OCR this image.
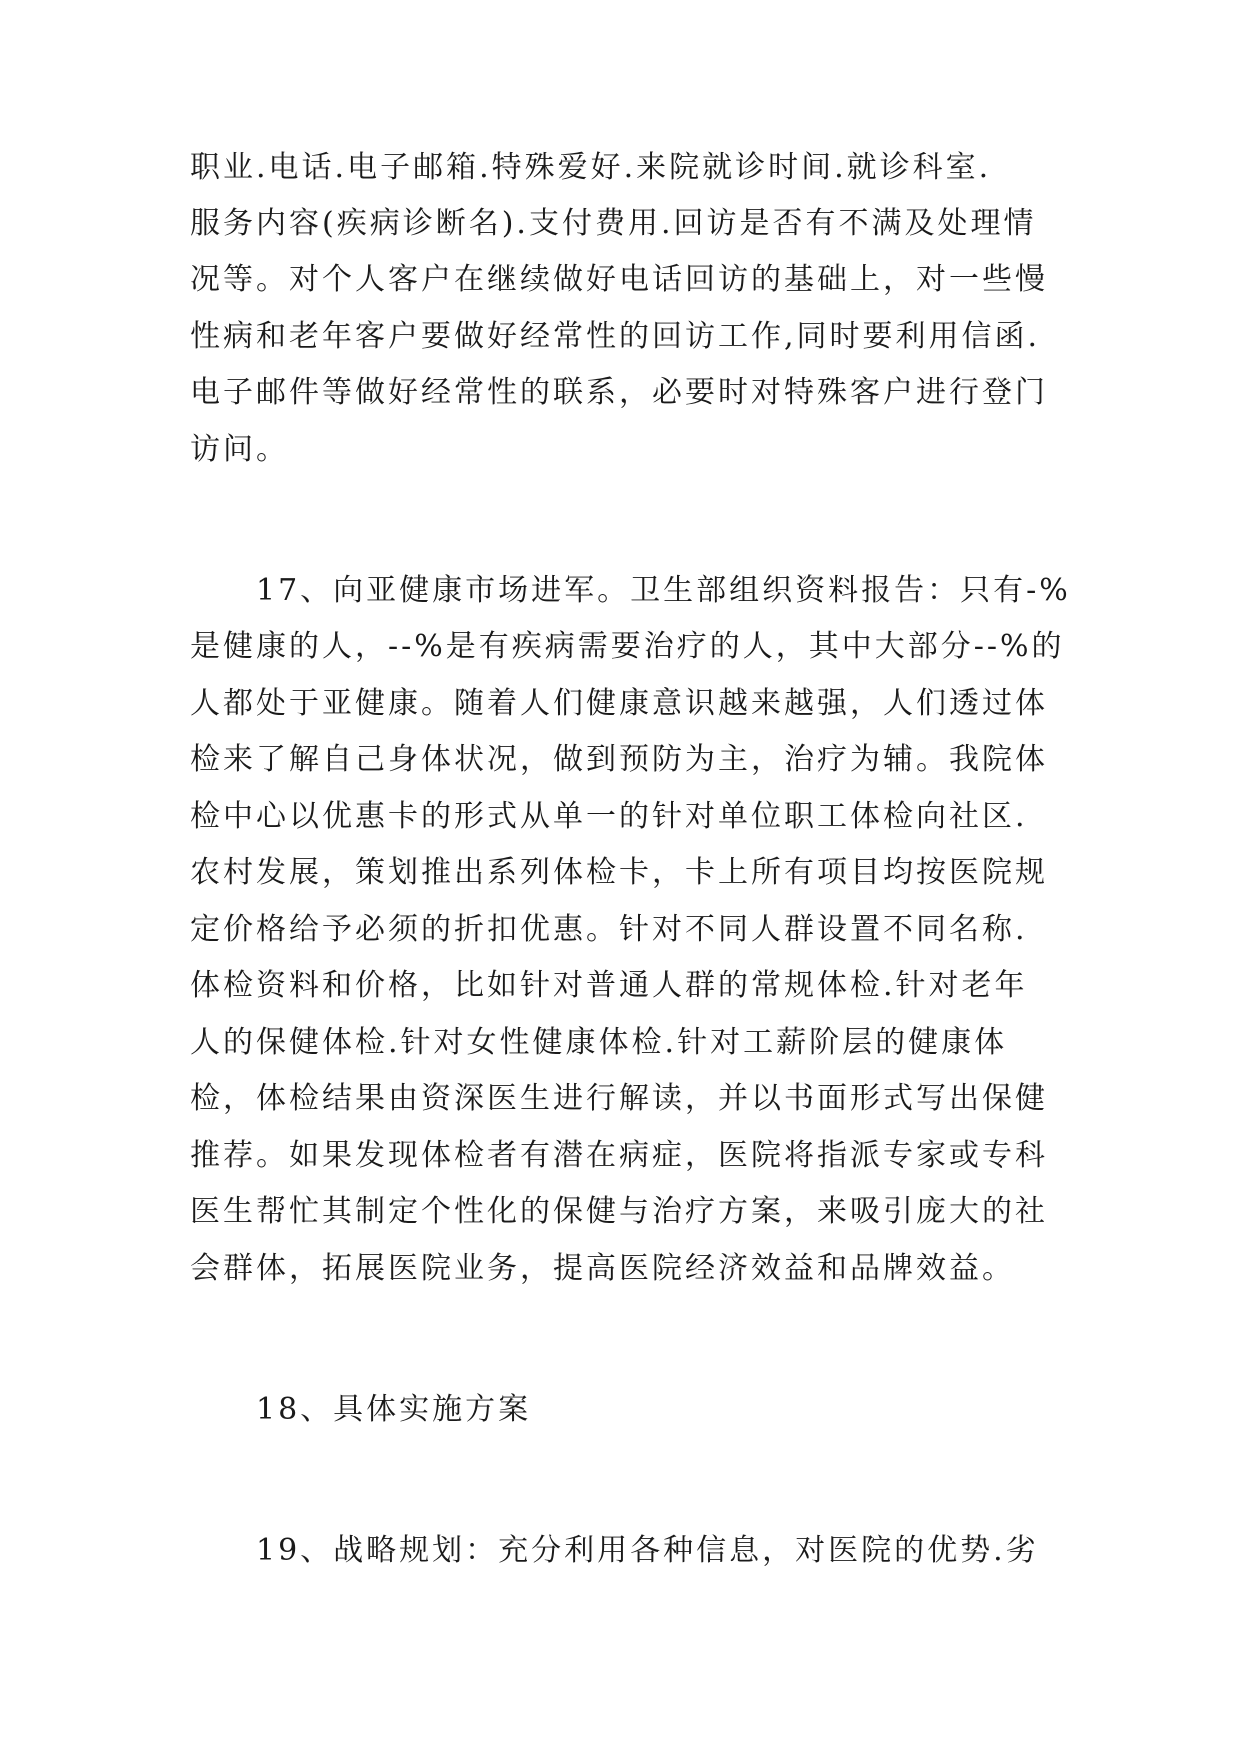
职业.电话.电子邮箱.特殊爱好.来院就诊时间.就诊科室.
服务内容(疾病诊断名).支付费用.回访是否有不满及处理情
况等。对个人客户在继续做好电话回访的基础上，对一些慢
性病和老年客户要做好经常性的回访工作,同时要利用信函.
电子邮件等做好经常性的联系，必要时对特殊客户进行登门
访问。
17、向亚健康市场进军。卫生部组织资料报告：只有-%
是健康的人，--%是有疾病需要治疗的人，其中大部分--%的
人都处于亚健康。随着人们健康意识越来越强，人们透过体
检来了解自己身体状况，做到预防为主，治疗为辅。我院体
检中心以优惠卡的形式从单一的针对单位职工体检向社区.
农村发展，策划推出系列体检卡，卡上所有项目均按医院规
定价格给予必须的折扣优惠。针对不同人群设置不同名称.
体检资料和价格，比如针对普通人群的常规体检.针对老年
人的保健体检.针对女性健康体检.针对工薪阶层的健康体
检，体检结果由资深医生进行解读，并以书面形式写出保健
推荐。如果发现体检者有潜在病症，医院将指派专家或专科
医生帮忙其制定个性化的保健与治疗方案，来吸引庞大的社
会群体，拓展医院业务，提高医院经济效益和品牌效益。
18、具体实施方案
19、战略规划：充分利用各种信息，对医院的优势.劣
